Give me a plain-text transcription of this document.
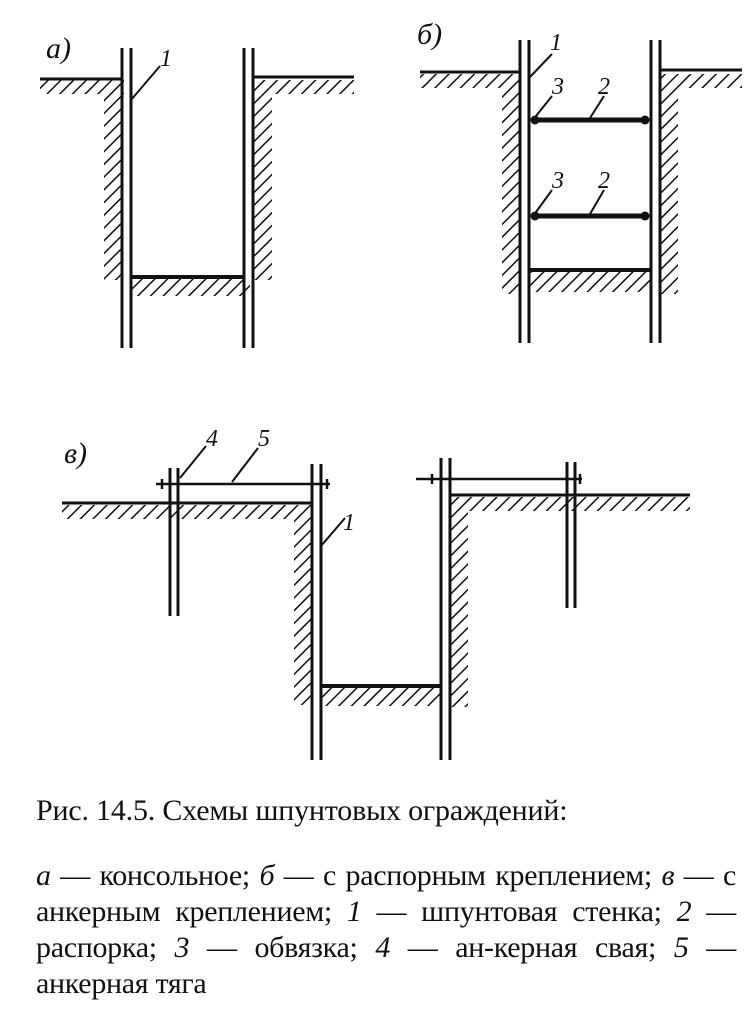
а)	1
б)	1
2
3
2
3
в)	4 5
1
Рис. 14.5. Схемы шпунтовых ограждений:
а — консольное; б — с распорным креплением; в — с анкерным креплением; 1 — шпунтовая стенка; 2 — распорка; 3 — обвязка; 4 — ан-керная свая; 5 — анкерная тяга
